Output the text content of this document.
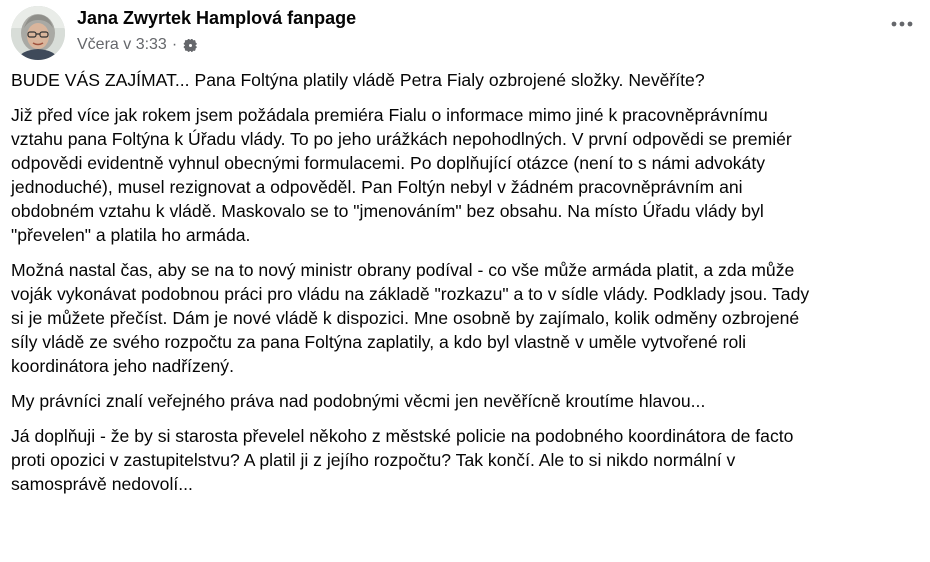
Jana Zwyrtek Hamplová fanpage
Včera v 3:33 ·

BUDE VÁS ZAJÍMAT... Pana Foltýna platily vládě Petra Fialy ozbrojené složky. Nevěříte?

Již před více jak rokem jsem požádala premiéra Fialu o informace mimo jiné k pracovněprávnímu
vztahu pana Foltýna k Úřadu vlády. To po jeho urážkách nepohodlných. V první odpovědi se premiér
odpovědi evidentně vyhnul obecnými formulacemi. Po doplňující otázce (není to s námi advokáty
jednoduché), musel rezignovat a odpověděl. Pan Foltýn nebyl v žádném pracovněprávním ani
obdobném vztahu k vládě. Maskovalo se to "jmenováním" bez obsahu. Na místo Úřadu vlády byl
"převelen" a platila ho armáda.

Možná nastal čas, aby se na to nový ministr obrany podíval - co vše může armáda platit, a zda může
voják vykonávat podobnou práci pro vládu na základě "rozkazu" a to v sídle vlády. Podklady jsou. Tady
si je můžete přečíst. Dám je nové vládě k dispozici. Mne osobně by zajímalo, kolik odměny ozbrojené
síly vládě ze svého rozpočtu za pana Foltýna zaplatily, a kdo byl vlastně v uměle vytvořené roli
koordinátora jeho nadřízený.

My právníci znalí veřejného práva nad podobnými věcmi jen nevěřícně kroutíme hlavou...

Já doplňuji - že by si starosta převelel někoho z městské policie na podobného koordinátora de facto
proti opozici v zastupitelstvu? A platil ji z jejího rozpočtu? Tak končí. Ale to si nikdo normální v
samosprávě nedovolí...
